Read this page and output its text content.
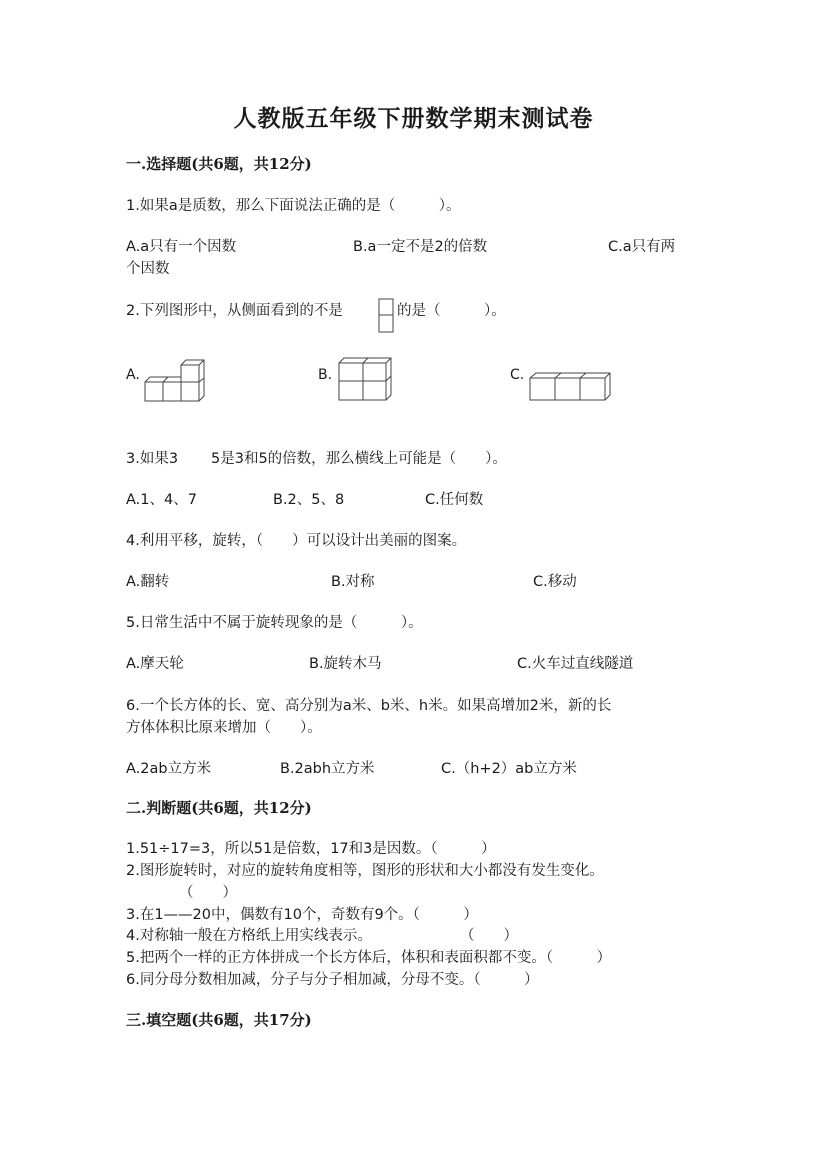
人教版五年级下册数学期末测试卷
一.选择题(共6题，共12分)
1.如果a是质数，那么下面说法正确的是（　　　）。
A.a只有一个因数	B.a一定不是2的倍数	C.a只有两
个因数
2.下列图形中，从侧面看到的不是	的是（　　　）。
A.	B.	C.
3.如果3 5是3和5的倍数，那么横线上可能是（　　）。
A.1、4、7	B.2、5、8	C.任何数
4.利用平移，旋转，（　　）可以设计出美丽的图案。
A.翻转	B.对称	C.移动
5.日常生活中不属于旋转现象的是（　　　）。
A.摩天轮	B.旋转木马	C.火车过直线隧道
6.一个长方体的长、宽、高分别为a米、b米、h米。如果高增加2米，新的长
方体体积比原来增加（　　）。
A.2ab立方米	B.2abh立方米	C.（h+2）ab立方米
二.判断题(共6题，共12分)
1.51÷17=3，所以51是倍数，17和3是因数。（　　　）
2.图形旋转时，对应的旋转角度相等，图形的形状和大小都没有发生变化。
（　　）
3.在1——20中，偶数有10个，奇数有9个。（　　　）
4.对称轴一般在方格纸上用实线表示。	（　　）
5.把两个一样的正方体拼成一个长方体后，体积和表面积都不变。（　　　）
6.同分母分数相加减，分子与分子相加减，分母不变。（　　　）
三.填空题(共6题，共17分)
